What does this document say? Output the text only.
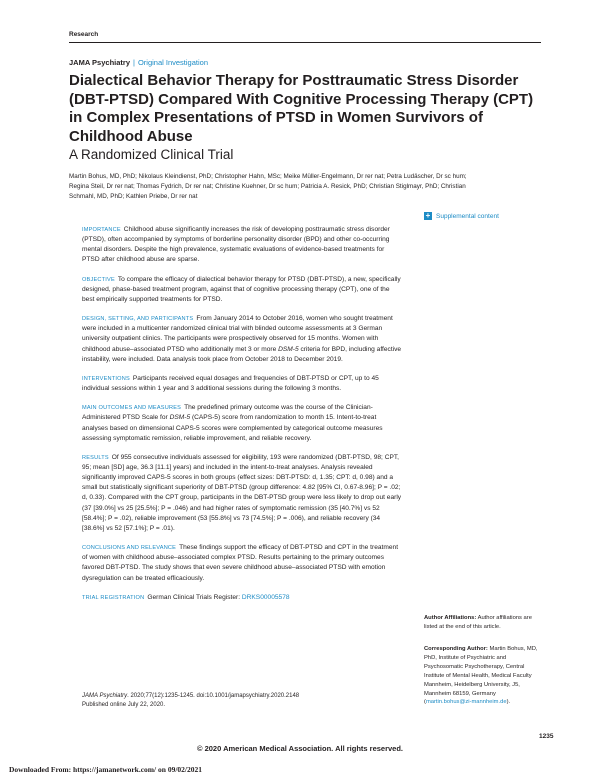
Research
JAMA Psychiatry | Original Investigation
Dialectical Behavior Therapy for Posttraumatic Stress Disorder (DBT-PTSD) Compared With Cognitive Processing Therapy (CPT) in Complex Presentations of PTSD in Women Survivors of Childhood Abuse
A Randomized Clinical Trial
Martin Bohus, MD, PhD; Nikolaus Kleindienst, PhD; Christopher Hahn, MSc; Meike Müller-Engelmann, Dr rer nat; Petra Ludäscher, Dr sc hum; Regina Steil, Dr rer nat; Thomas Fydrich, Dr rer nat; Christine Kuehner, Dr sc hum; Patricia A. Resick, PhD; Christian Stiglmayr, PhD; Christian Schmahl, MD, PhD; Kathlen Priebe, Dr rer nat
+ Supplemental content

IMPORTANCE Childhood abuse significantly increases the risk of developing posttraumatic stress disorder (PTSD), often accompanied by symptoms of borderline personality disorder (BPD) and other co-occurring mental disorders. Despite the high prevalence, systematic evaluations of evidence-based treatments for PTSD after childhood abuse are sparse.

OBJECTIVE To compare the efficacy of dialectical behavior therapy for PTSD (DBT-PTSD), a new, specifically designed, phase-based treatment program, against that of cognitive processing therapy (CPT), one of the best empirically supported treatments for PTSD.

DESIGN, SETTING, AND PARTICIPANTS From January 2014 to October 2016, women who sought treatment were included in a multicenter randomized clinical trial with blinded outcome assessments at 3 German university outpatient clinics. The participants were prospectively observed for 15 months. Women with childhood abuse–associated PTSD who additionally met 3 or more DSM-5 criteria for BPD, including affective instability, were included. Data analysis took place from October 2018 to December 2019.

INTERVENTIONS Participants received equal dosages and frequencies of DBT-PTSD or CPT, up to 45 individual sessions within 1 year and 3 additional sessions during the following 3 months.

MAIN OUTCOMES AND MEASURES The predefined primary outcome was the course of the Clinician-Administered PTSD Scale for DSM-5 (CAPS-5) score from randomization to month 15. Intent-to-treat analyses based on dimensional CAPS-5 scores were complemented by categorical outcome measures assessing symptomatic remission, reliable improvement, and reliable recovery.

RESULTS Of 955 consecutive individuals assessed for eligibility, 193 were randomized (DBT-PTSD, 98; CPT, 95; mean [SD] age, 36.3 [11.1] years) and included in the intent-to-treat analyses. Analysis revealed significantly improved CAPS-5 scores in both groups (effect sizes: DBT-PTSD: d, 1.35; CPT: d, 0.98) and a small but statistically significant superiority of DBT-PTSD (group difference: 4.82 [95% CI, 0.67-8.96]; P = .02; d, 0.33). Compared with the CPT group, participants in the DBT-PTSD group were less likely to drop out early (37 [39.0%] vs 25 [25.5%]; P = .046) and had higher rates of symptomatic remission (35 [40.7%] vs 52 [58.4%]; P = .02), reliable improvement (53 [55.8%] vs 73 [74.5%]; P = .006), and reliable recovery (34 [38.6%] vs 52 [57.1%]; P = .01).

CONCLUSIONS AND RELEVANCE These findings support the efficacy of DBT-PTSD and CPT in the treatment of women with childhood abuse–associated complex PTSD. Results pertaining to the primary outcomes favored DBT-PTSD. The study shows that even severe childhood abuse–associated PTSD with emotion dysregulation can be treated efficaciously.

TRIAL REGISTRATION German Clinical Trials Register: DRKS00005578

Author Affiliations: Author affiliations are listed at the end of this article.
Corresponding Author: Martin Bohus, MD, PhD, Institute of Psychiatric and Psychosomatic Psychotherapy, Central Institute of Mental Health, Medical Faculty Mannheim, Heidelberg University, J5, Mannheim 68159, Germany (martin.bohus@zi-mannheim.de).
JAMA Psychiatry. 2020;77(12):1235-1245. doi:10.1001/jamapsychiatry.2020.2148
Published online July 22, 2020.
1235
© 2020 American Medical Association. All rights reserved.
Downloaded From: https://jamanetwork.com/ on 09/02/2021
